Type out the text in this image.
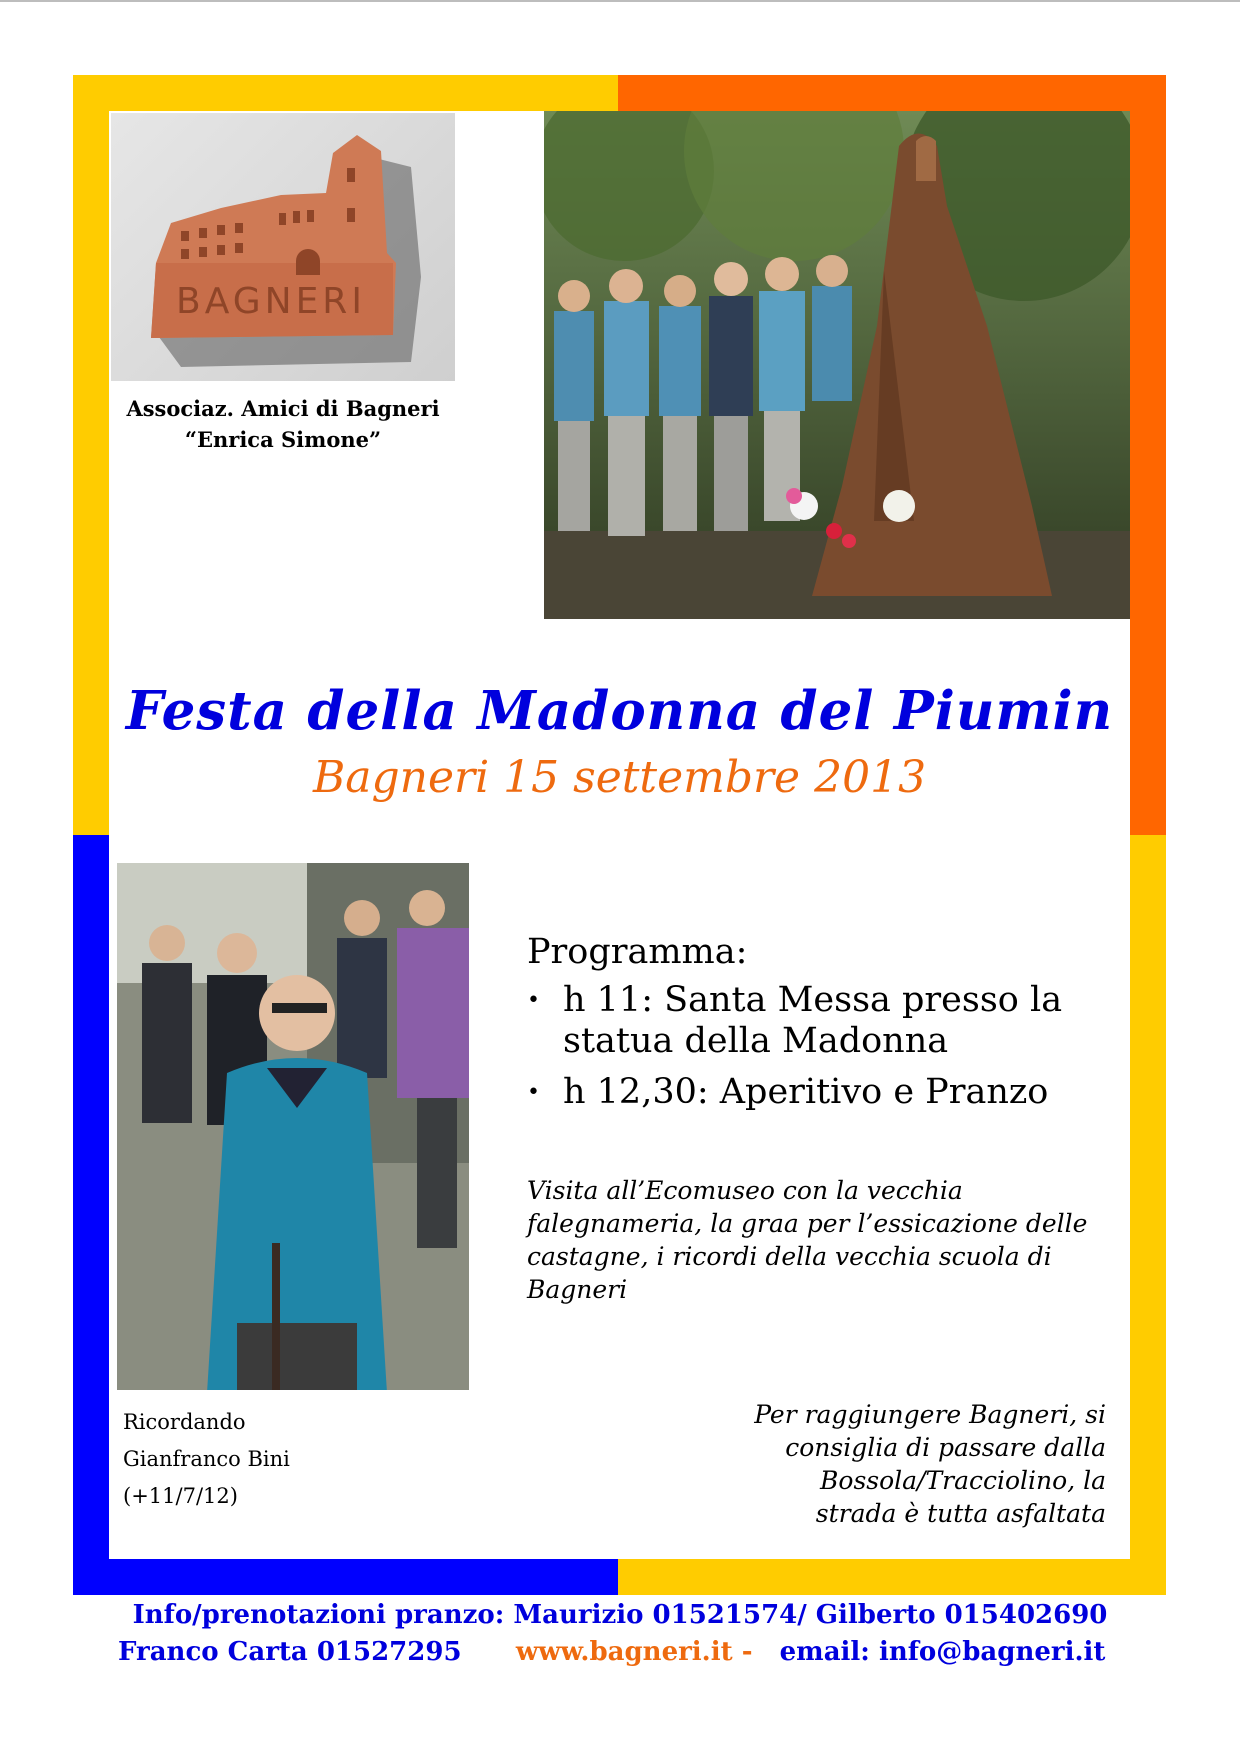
BAGNERI
Associaz. Amici di Bagneri
“Enrica Simone”
Festa della Madonna del Piumin
Bagneri 15 settembre 2013
Programma:
• h 11: Santa Messa presso la
statua della Madonna
• h 12,30: Aperitivo e Pranzo
Visita all’Ecomuseo con la vecchia
falegnameria, la graa per l’essicazione delle
castagne, i ricordi della vecchia scuola di
Bagneri
Ricordando
Gianfranco Bini
(+11/7/12)
Per raggiungere Bagneri, si
consiglia di passare dalla
Bossola/Tracciolino, la
strada è tutta asfaltata
Info/prenotazioni pranzo: Maurizio 01521574/ Gilberto 015402690
Franco Carta 01527295 www.bagneri.it - email: info@bagneri.it
